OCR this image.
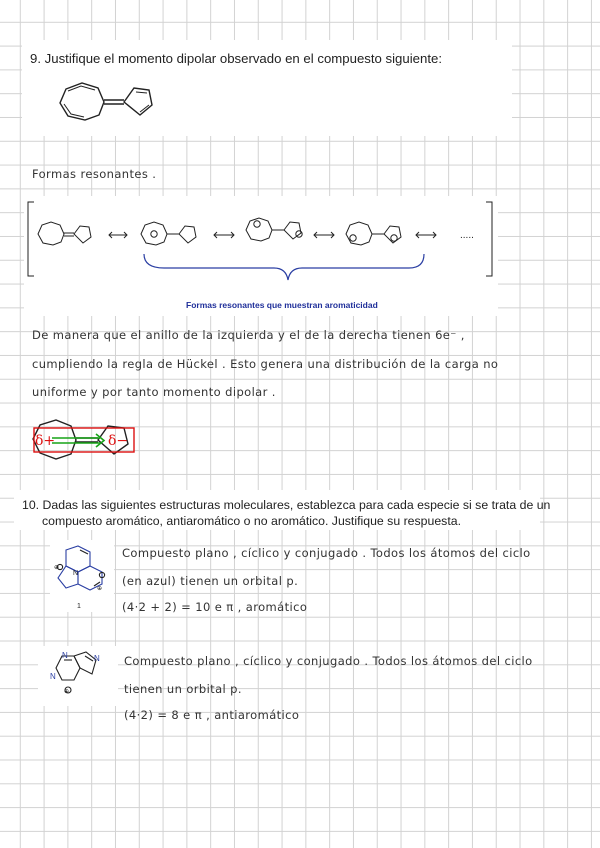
9. Justifique el momento dipolar observado en el compuesto siguiente:
Formas resonantes .
.....
Formas resonantes que muestran aromaticidad
De manera que el anillo de la izquierda y el de la derecha tienen 6e⁻ ,
cumpliendo la regla de Hückel . Esto genera una distribución de la carga no
uniforme y por tanto momento dipolar .
δ+	δ−
10. Dadas las siguientes estructuras moleculares, establezca para cada especie si se trata de un
compuesto aromático, antiaromático o no aromático. Justifique su respuesta.
N
⊕
⊕
1
Compuesto plano , cíclico y conjugado . Todos los átomos del ciclo
(en azul) tienen un orbital p.
(4·2 + 2) = 10 e π , aromático
N
N
N
⊕
Compuesto plano , cíclico y conjugado . Todos los átomos del ciclo
tienen un orbital p.
(4·2) = 8 e π , antiaromático
